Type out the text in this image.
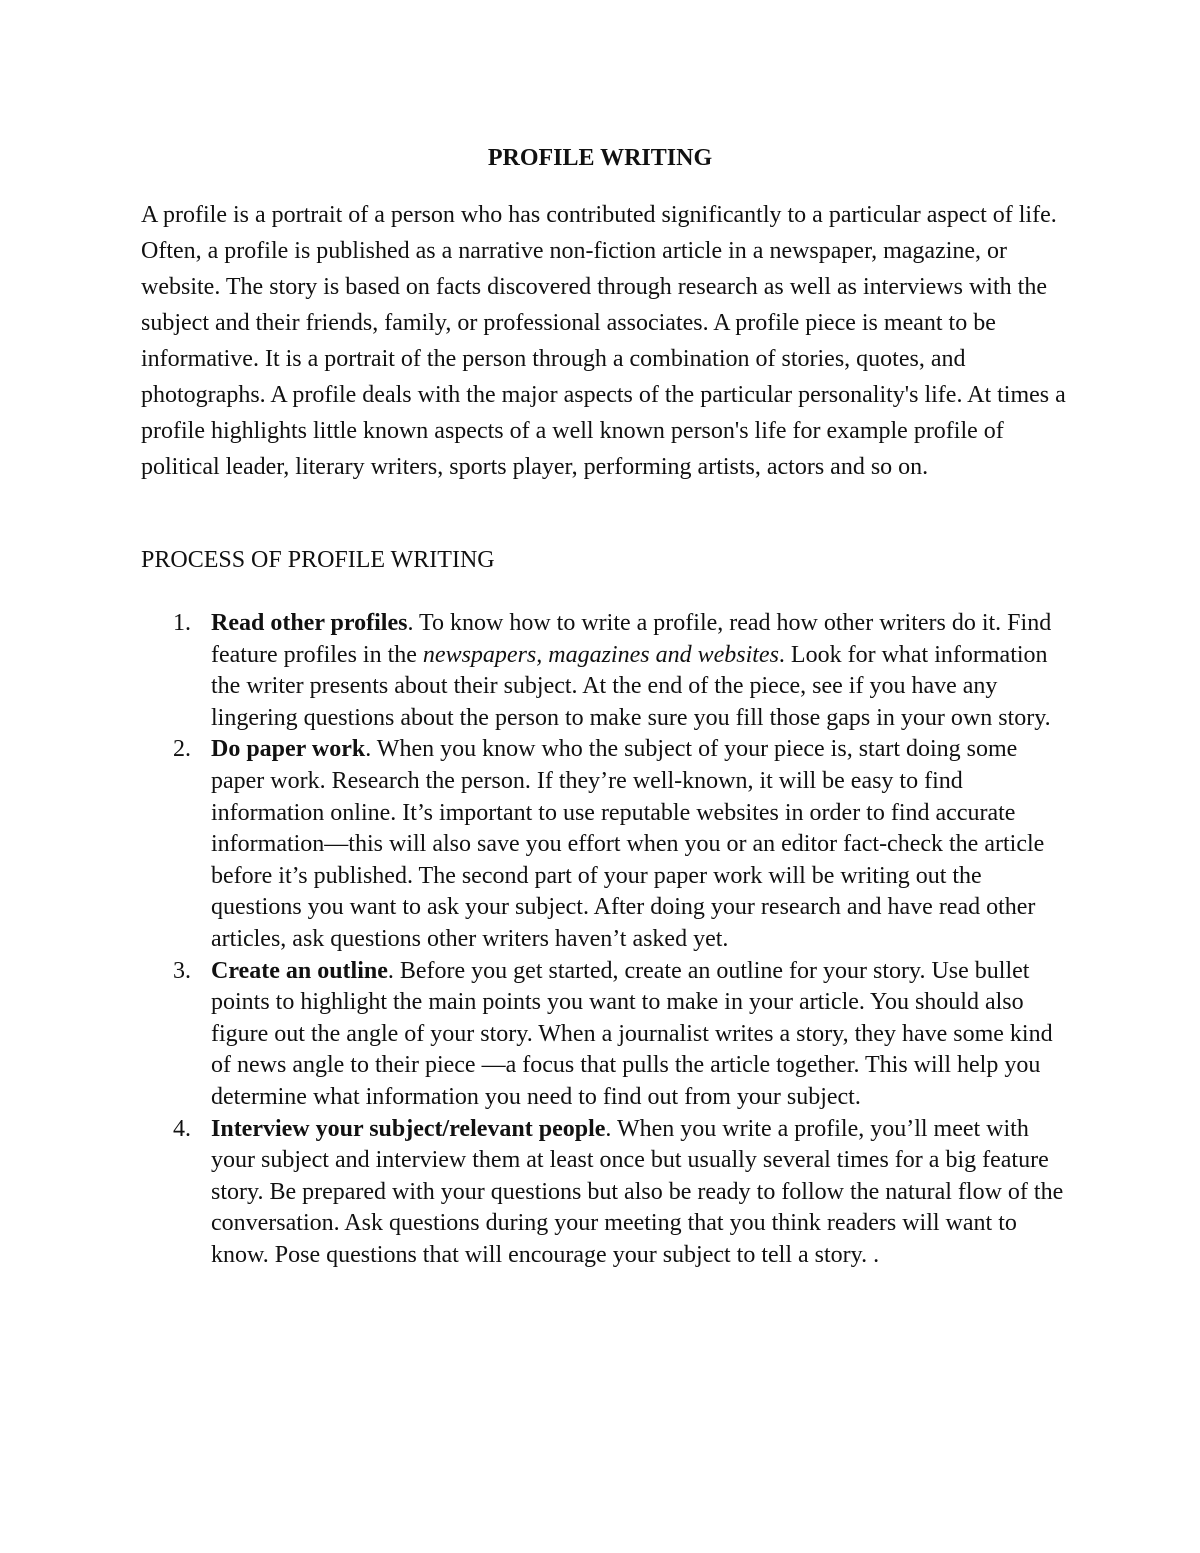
PROFILE WRITING

A profile is a portrait of a person who has contributed significantly to a particular aspect of life. Often, a profile is published as a narrative non-fiction article in a newspaper, magazine, or website. The story is based on facts discovered through research as well as interviews with the subject and their friends, family, or professional associates. A profile piece is meant to be informative. It is a portrait of the person through a combination of stories, quotes, and photographs. A profile deals with the major aspects of the particular personality's life. At times a profile highlights little known aspects of a well known person's life for example profile of political leader, literary writers, sports player, performing artists, actors and so on.

PROCESS OF PROFILE WRITING

1. Read other profiles. To know how to write a profile, read how other writers do it. Find feature profiles in the newspapers, magazines and websites. Look for what information the writer presents about their subject. At the end of the piece, see if you have any lingering questions about the person to make sure you fill those gaps in your own story.
2. Do paper work. When you know who the subject of your piece is, start doing some paper work. Research the person. If they’re well-known, it will be easy to find information online. It’s important to use reputable websites in order to find accurate information—this will also save you effort when you or an editor fact-check the article before it’s published. The second part of your paper work will be writing out the questions you want to ask your subject. After doing your research and have read other articles, ask questions other writers haven’t asked yet.
3. Create an outline. Before you get started, create an outline for your story. Use bullet points to highlight the main points you want to make in your article. You should also figure out the angle of your story. When a journalist writes a story, they have some kind of news angle to their piece —a focus that pulls the article together. This will help you determine what information you need to find out from your subject.
4. Interview your subject/relevant people. When you write a profile, you’ll meet with your subject and interview them at least once but usually several times for a big feature story. Be prepared with your questions but also be ready to follow the natural flow of the conversation. Ask questions during your meeting that you think readers will want to know. Pose questions that will encourage your subject to tell a story. .
